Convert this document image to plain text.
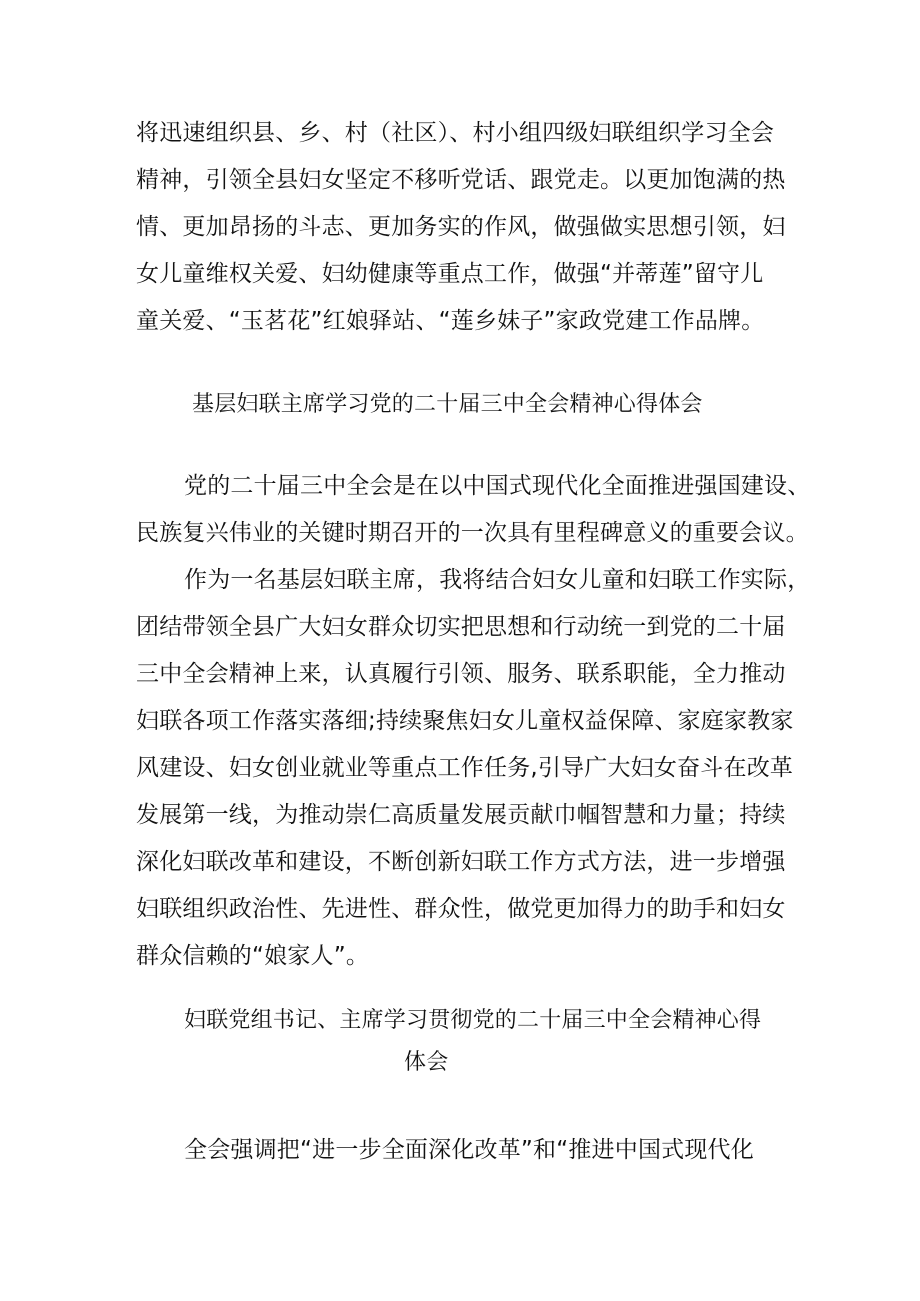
将迅速组织县、乡、村（社区）、村小组四级妇联组织学习全会
精神，引领全县妇女坚定不移听党话、跟党走。以更加饱满的热
情、更加昂扬的斗志、更加务实的作风，做强做实思想引领，妇
女儿童维权关爱、妇幼健康等重点工作，做强“并蒂莲”留守儿
童关爱、“玉茗花”红娘驿站、“莲乡妹子”家政党建工作品牌。
基层妇联主席学习党的二十届三中全会精神心得体会
党的二十届三中全会是在以中国式现代化全面推进强国建设、
民族复兴伟业的关键时期召开的一次具有里程碑意义的重要会议。
作为一名基层妇联主席，我将结合妇女儿童和妇联工作实际，
团结带领全县广大妇女群众切实把思想和行动统一到党的二十届
三中全会精神上来，认真履行引领、服务、联系职能，全力推动
妇联各项工作落实落细;持续聚焦妇女儿童权益保障、家庭家教家
风建设、妇女创业就业等重点工作任务,引导广大妇女奋斗在改革
发展第一线，为推动崇仁高质量发展贡献巾帼智慧和力量；持续
深化妇联改革和建设，不断创新妇联工作方式方法，进一步增强
妇联组织政治性、先进性、群众性，做党更加得力的助手和妇女
群众信赖的“娘家人”。
妇联党组书记、主席学习贯彻党的二十届三中全会精神心得
体会
全会强调把“进一步全面深化改革”和“推进中国式现代化
